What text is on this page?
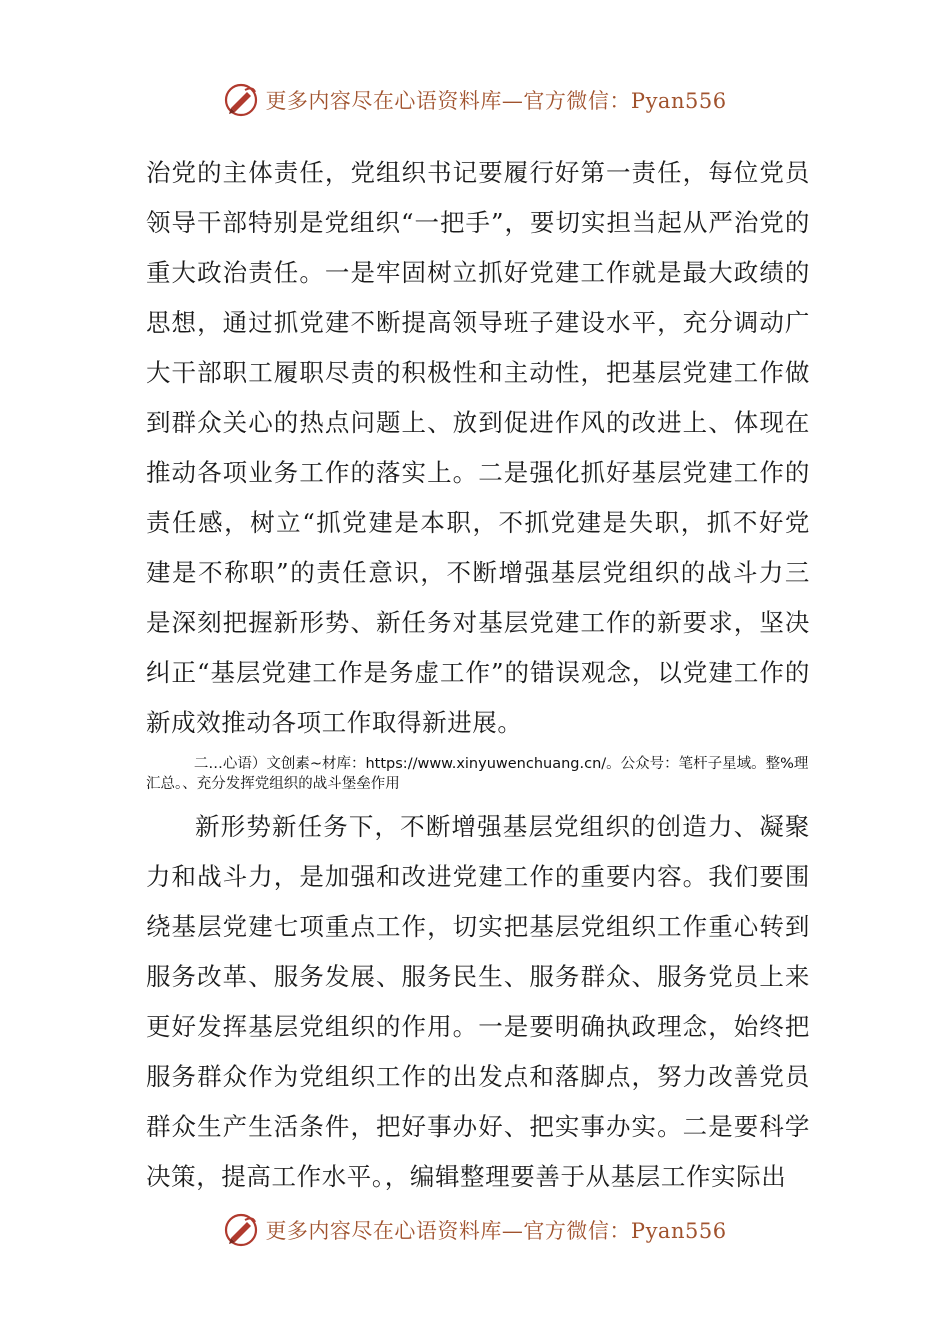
更多内容尽在心语资料库—官方微信：Pyan556

治党的主体责任，党组织书记要履行好第一责任，每位党员领导干部特别是党组织“一把手”，要切实担当起从严治党的重大政治责任。一是牢固树立抓好党建工作就是最大政绩的思想，通过抓党建不断提高领导班子建设水平，充分调动广大干部职工履职尽责的积极性和主动性，把基层党建工作做到群众关心的热点问题上、放到促进作风的改进上、体现在推动各项业务工作的落实上。二是强化抓好基层党建工作的责任感，树立“抓党建是本职，不抓党建是失职，抓不好党建是不称职”的责任意识，不断增强基层党组织的战斗力三是深刻把握新形势、新任务对基层党建工作的新要求，坚决纠正“基层党建工作是务虚工作”的错误观念，以党建工作的新成效推动各项工作取得新进展。

二…心语）文创素~材库：https://www.xinyuwenchuang.cn/。公众号：笔杆子星域。整%理汇总。、充分发挥党组织的战斗堡垒作用

新形势新任务下，不断增强基层党组织的创造力、凝聚力和战斗力，是加强和改进党建工作的重要内容。我们要围绕基层党建七项重点工作，切实把基层党组织工作重心转到服务改革、服务发展、服务民生、服务群众、服务党员上来更好发挥基层党组织的作用。一是要明确执政理念，始终把服务群众作为党组织工作的出发点和落脚点，努力改善党员群众生产生活条件，把好事办好、把实事办实。二是要科学决策，提高工作水平。，编辑整理要善于从基层工作实际出

更多内容尽在心语资料库—官方微信：Pyan556
